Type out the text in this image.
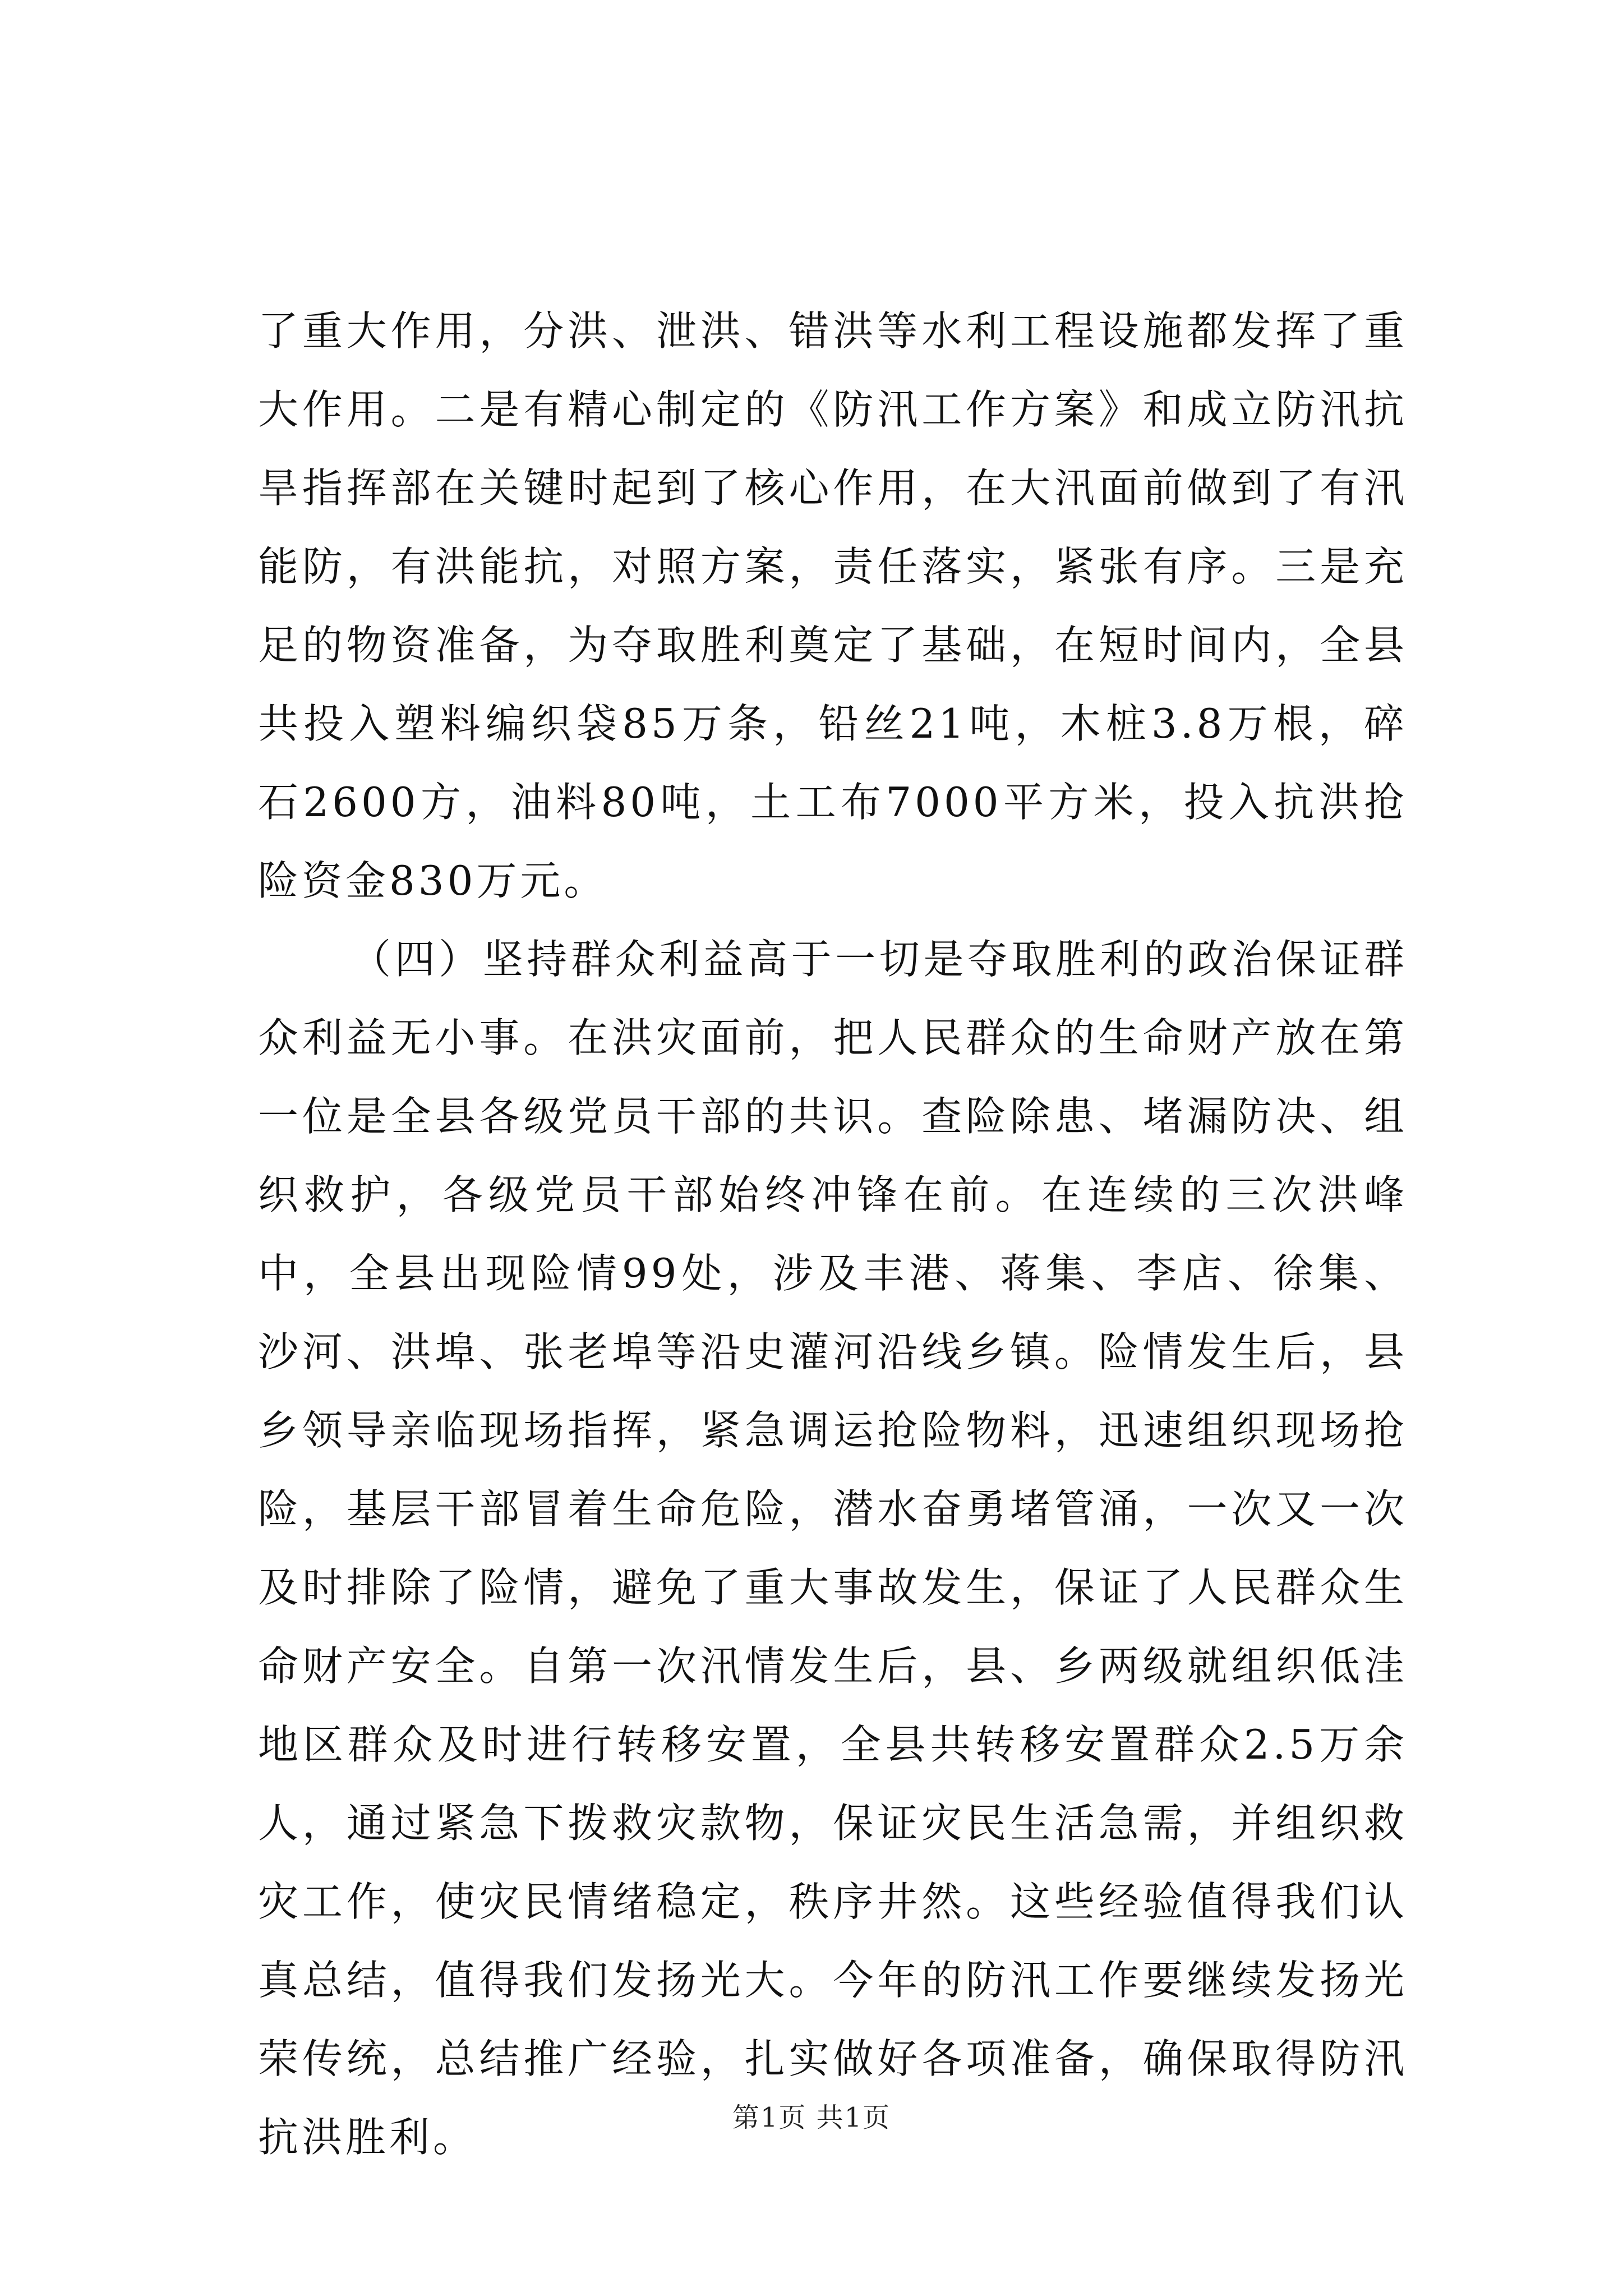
了重大作用，分洪、泄洪、错洪等水利工程设施都发挥了重大作用。二是有精心制定的《防汛工作方案》和成立防汛抗旱指挥部在关键时起到了核心作用，在大汛面前做到了有汛能防，有洪能抗，对照方案，责任落实，紧张有序。三是充足的物资准备，为夺取胜利奠定了基础，在短时间内，全县共投入塑料编织袋85万条，铅丝21吨，木桩3.8万根，碎石2600方，油料80吨，土工布7000平方米，投入抗洪抢险资金830万元。

（四）坚持群众利益高于一切是夺取胜利的政治保证群众利益无小事。在洪灾面前，把人民群众的生命财产放在第一位是全县各级党员干部的共识。查险除患、堵漏防决、组织救护，各级党员干部始终冲锋在前。在连续的三次洪峰中，全县出现险情99处，涉及丰港、蒋集、李店、徐集、沙河、洪埠、张老埠等沿史灌河沿线乡镇。险情发生后，县乡领导亲临现场指挥，紧急调运抢险物料，迅速组织现场抢险，基层干部冒着生命危险，潜水奋勇堵管涌，一次又一次及时排除了险情，避免了重大事故发生，保证了人民群众生命财产安全。自第一次汛情发生后，县、乡两级就组织低洼地区群众及时进行转移安置，全县共转移安置群众2.5万余人，通过紧急下拨救灾款物，保证灾民生活急需，并组织救灾工作，使灾民情绪稳定，秩序井然。这些经验值得我们认真总结，值得我们发扬光大。今年的防汛工作要继续发扬光荣传统，总结推广经验，扎实做好各项准备，确保取得防汛抗洪胜利。	第1页 共1页
